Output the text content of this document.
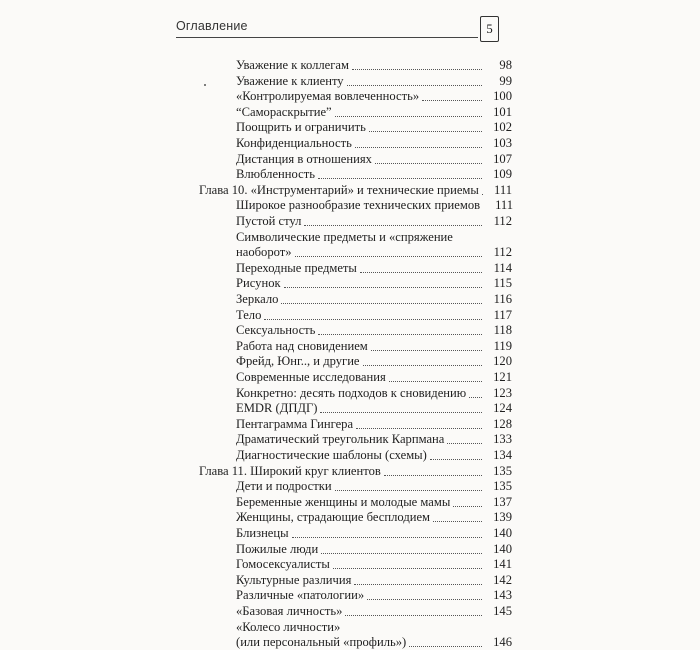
Оглавление	5
Уважение к коллегам	98
Уважение к клиенту	99
«Контролируемая вовлеченность»	100
“Самораскрытие”	101
Поощрить и ограничить	102
Конфиденциальность	103
Дистанция в отношениях	107
Влюбленность	109
Глава 10. «Инструментарий» и технические приемы	111
Широкое разнообразие технических приемов	111
Пустой стул	112
Символические предметы и «спряжение
наоборот»	112
Переходные предметы	114
Рисунок	115
Зеркало	116
Тело	117
Сексуальность	118
Работа над сновидением	119
Фрейд, Юнг.., и другие	120
Современные исследования	121
Конкретно: десять подходов к сновидению	123
EMDR (ДПДГ)	124
Пентаграмма Гингера	128
Драматический треугольник Карпмана	133
Диагностические шаблоны (схемы)	134
Глава 11. Широкий круг клиентов	135
Дети и подростки	135
Беременные женщины и молодые мамы	137
Женщины, страдающие бесплодием	139
Близнецы	140
Пожилые люди	140
Гомосексуалисты	141
Культурные различия	142
Различные «патологии»	143
«Базовая личность»	145
«Колесо личности»
(или персональный «профиль»)	146
